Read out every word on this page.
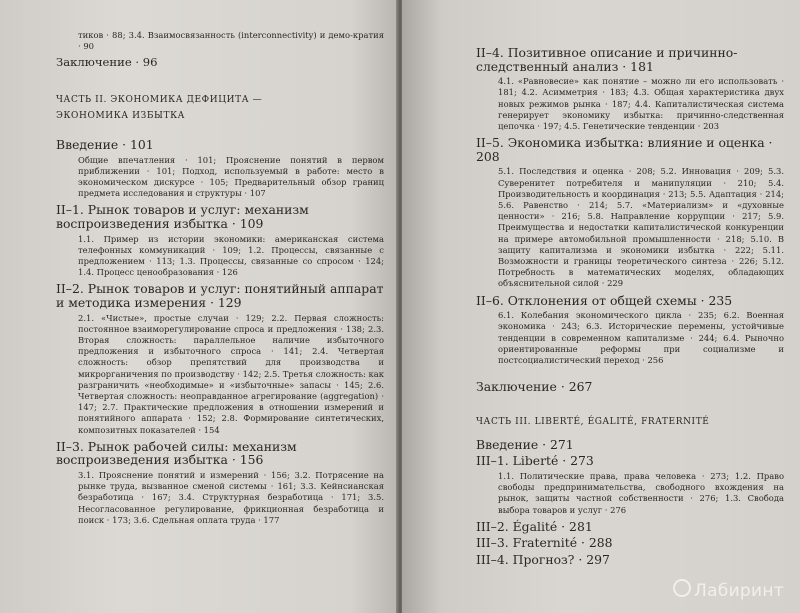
тиков · 88; 3.4. Взаимосвязанность (interconnectivity) и демо-кратия · 90

Заключение · 96

ЧАСТЬ II. ЭКОНОМИКА ДЕФИЦИТА —
ЭКОНОМИКА ИЗБЫТКА

Введение · 101

Общие впечатления · 101; Прояснение понятий в первом приближении · 101; Подход, используемый в работе: место в экономическом дискурсе · 105; Предварительный обзор границ предмета исследования и структуры · 107

II–1. Рынок товаров и услуг: механизм воспроизведения избытка · 109

1.1. Пример из истории экономики: американская система телефонных коммуникаций · 109; 1.2. Процессы, связанные с предложением · 113; 1.3. Процессы, связанные со спросом · 124; 1.4. Процесс ценообразования · 126

II–2. Рынок товаров и услуг: понятийный аппарат и методика измерения · 129

2.1. «Чистые», простые случаи · 129; 2.2. Первая сложность: постоянное взаиморегулирование спроса и предложения · 138; 2.3. Вторая сложность: параллельное наличие избыточного предложения и избыточного спроса · 141; 2.4. Четвертая сложность: обзор препятствий для производства и микрорганичения по производству · 142; 2.5. Третья сложность: как разграничить «необходимые» и «избыточные» запасы · 145; 2.6. Четвертая сложность: неоправданное агрегирование (aggregation) · 147; 2.7. Практические предложения в отношении измерений и понятийного аппарата · 152; 2.8. Формирование синтетических, композитных показателей · 154

II–3. Рынок рабочей силы: механизм воспроизведения избытка · 156

3.1. Прояснение понятий и измерений · 156; 3.2. Потрясение на рынке труда, вызванное сменой системы · 161; 3.3. Кейнсианская безработица · 167; 3.4. Структурная безработица · 171; 3.5. Несогласованное регулирование, фрикционная безработица и поиск · 173; 3.6. Сдельная оплата труда · 177

II–4. Позитивное описание и причинно-следственный анализ · 181

4.1. «Равновесие» как понятие – можно ли его использовать · 181; 4.2. Асимметрия · 183; 4.3. Общая характеристика двух новых режимов рынка · 187; 4.4. Капиталистическая система генерирует экономику избытка: причинно-следственная цепочка · 197; 4.5. Генетические тенденции · 203

II–5. Экономика избытка: влияние и оценка · 208

5.1. Последствия и оценка · 208; 5.2. Инновация · 209; 5.3. Суверенитет потребителя и манипуляции · 210; 5.4. Производительность и координация · 213; 5.5. Адаптация · 214; 5.6. Равенство · 214; 5.7. «Материализм» и «духовные ценности» · 216; 5.8. Направление коррупции · 217; 5.9. Преимущества и недостатки капиталистической конкуренции на примере автомобильной промышленности · 218; 5.10. В защиту капитализма и экономики избытка · 222; 5.11. Возможности и границы теоретического синтеза · 226; 5.12. Потребность в математических моделях, обладающих объяснительной силой · 229

II–6. Отклонения от общей схемы · 235

6.1. Колебания экономического цикла · 235; 6.2. Военная экономика · 243; 6.3. Исторические перемены, устойчивые тенденции в современном капитализме · 244; 6.4. Рыночно ориентированные реформы при социализме и постсоциалистический переход · 256

Заключение · 267

ЧАСТЬ III. LIBERTÉ, ÉGALITÉ, FRATERNITÉ

Введение · 271

III–1. Liberté · 273

1.1. Политические права, права человека · 273; 1.2. Право свободы предпринимательства, свободного вхождения на рынок, защиты частной собственности · 276; 1.3. Свобода выбора товаров и услуг · 276

III–2. Égalité · 281

III–3. Fraternité · 288

III–4. Прогноз? · 297

Лабиринт
